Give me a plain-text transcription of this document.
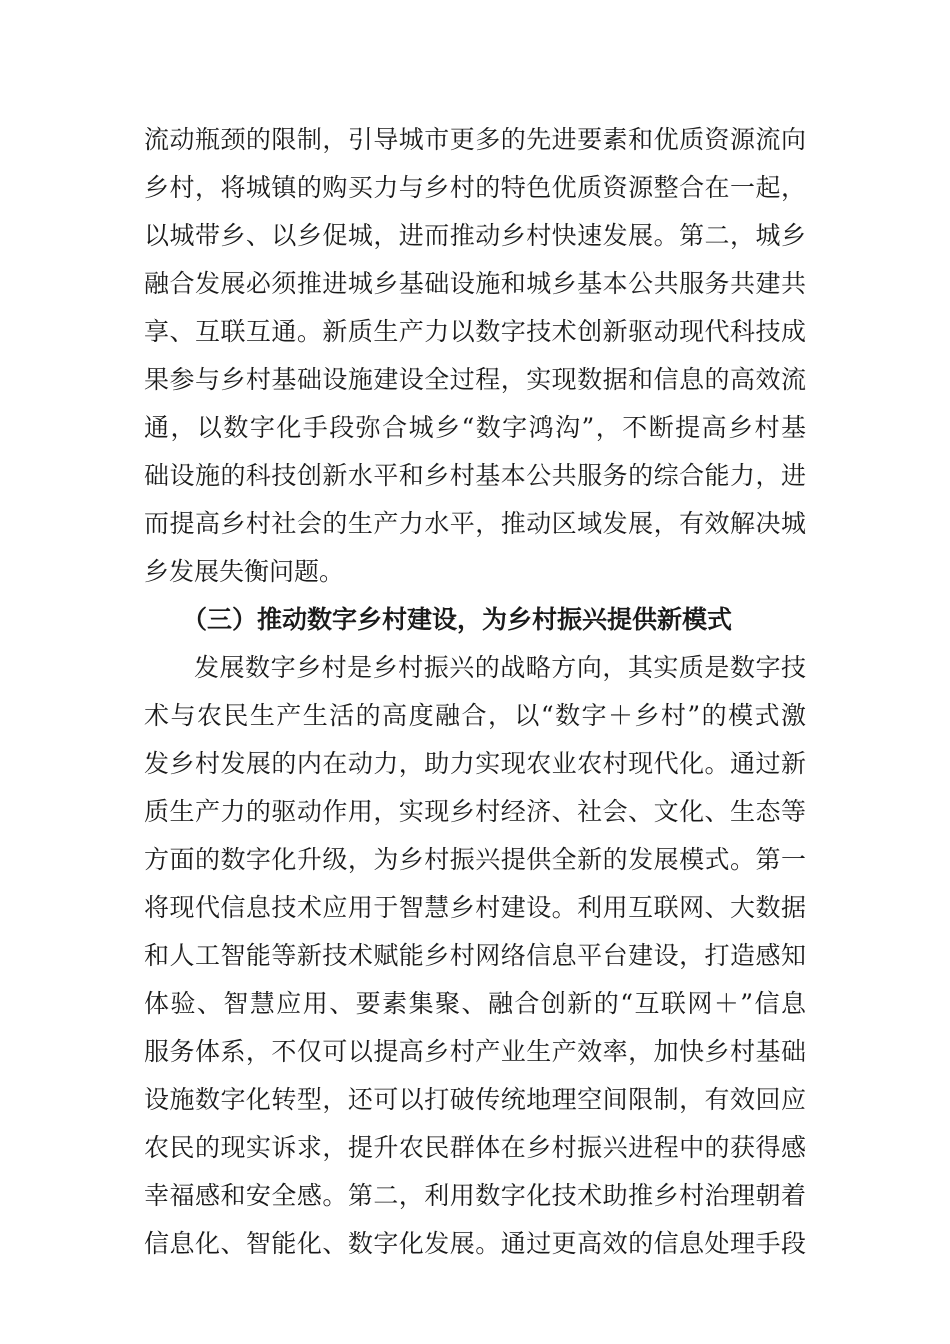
流动瓶颈的限制，引导城市更多的先进要素和优质资源流向
乡村，将城镇的购买力与乡村的特色优质资源整合在一起，
以城带乡、以乡促城，进而推动乡村快速发展。第二，城乡
融合发展必须推进城乡基础设施和城乡基本公共服务共建共
享、互联互通。新质生产力以数字技术创新驱动现代科技成
果参与乡村基础设施建设全过程，实现数据和信息的高效流
通，以数字化手段弥合城乡“数字鸿沟”，不断提高乡村基
础设施的科技创新水平和乡村基本公共服务的综合能力，进
而提高乡村社会的生产力水平，推动区域发展，有效解决城
乡发展失衡问题。
（三）推动数字乡村建设，为乡村振兴提供新模式
发展数字乡村是乡村振兴的战略方向，其实质是数字技
术与农民生产生活的高度融合，以“数字＋乡村”的模式激
发乡村发展的内在动力，助力实现农业农村现代化。通过新
质生产力的驱动作用，实现乡村经济、社会、文化、生态等
方面的数字化升级，为乡村振兴提供全新的发展模式。第一
将现代信息技术应用于智慧乡村建设。利用互联网、大数据
和人工智能等新技术赋能乡村网络信息平台建设，打造感知
体验、智慧应用、要素集聚、融合创新的“互联网＋”信息
服务体系，不仅可以提高乡村产业生产效率，加快乡村基础
设施数字化转型，还可以打破传统地理空间限制，有效回应
农民的现实诉求，提升农民群体在乡村振兴进程中的获得感
幸福感和安全感。第二，利用数字化技术助推乡村治理朝着
信息化、智能化、数字化发展。通过更高效的信息处理手段
